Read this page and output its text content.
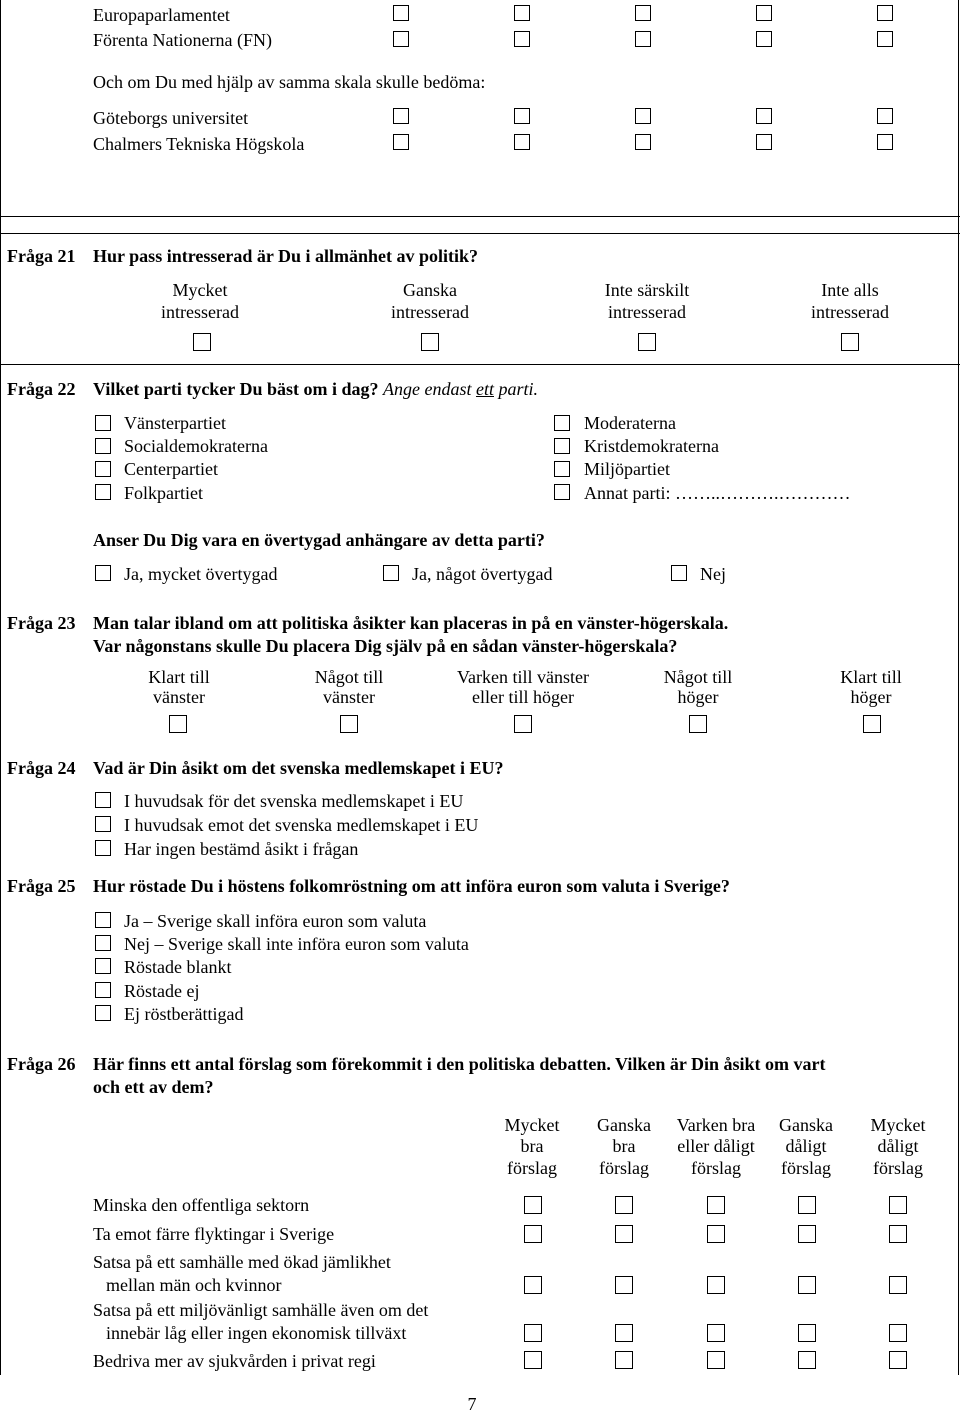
Europaparlamentet
Förenta Nationerna (FN)
Och om Du med hjälp av samma skala skulle bedöma:
Göteborgs universitet
Chalmers Tekniska Högskola
Fråga 21 Hur pass intresserad är Du i allmänhet av politik?
Mycket
intresserad
Ganska
intresserad
Inte särskilt
intresserad
Inte alls
intresserad
Fråga 22 Vilket parti tycker Du bäst om i dag? Ange endast ett parti.
Vänsterpartiet
Socialdemokraterna
Centerpartiet
Folkpartiet
Moderaterna
Kristdemokraterna
Miljöpartiet
Annat parti: ……..……….…………
Anser Du Dig vara en övertygad anhängare av detta parti?
Ja, mycket övertygad	Ja, något övertygad	Nej
Fråga 23 Man talar ibland om att politiska åsikter kan placeras in på en vänster-högerskala.
Var någonstans skulle Du placera Dig själv på en sådan vänster-högerskala?
Klart till
vänster
Något till
vänster
Varken till vänster
eller till höger
Något till
höger
Klart till
höger
Fråga 24 Vad är Din åsikt om det svenska medlemskapet i EU?
I huvudsak för det svenska medlemskapet i EU
I huvudsak emot det svenska medlemskapet i EU
Har ingen bestämd åsikt i frågan
Fråga 25 Hur röstade Du i höstens folkomröstning om att införa euron som valuta i Sverige?
Ja – Sverige skall införa euron som valuta
Nej – Sverige skall inte införa euron som valuta
Röstade blankt
Röstade ej
Ej röstberättigad
Fråga 26 Här finns ett antal förslag som förekommit i den politiska debatten. Vilken är Din åsikt om vart
och ett av dem?
Mycket
bra
förslag
Ganska
bra
förslag
Varken bra
eller dåligt
förslag
Ganska
dåligt
förslag
Mycket
dåligt
förslag
Minska den offentliga sektorn
Ta emot färre flyktingar i Sverige
Satsa på ett samhälle med ökad jämlikhet
mellan män och kvinnor
Satsa på ett miljövänligt samhälle även om det
innebär låg eller ingen ekonomisk tillväxt
Bedriva mer av sjukvården i privat regi
7
